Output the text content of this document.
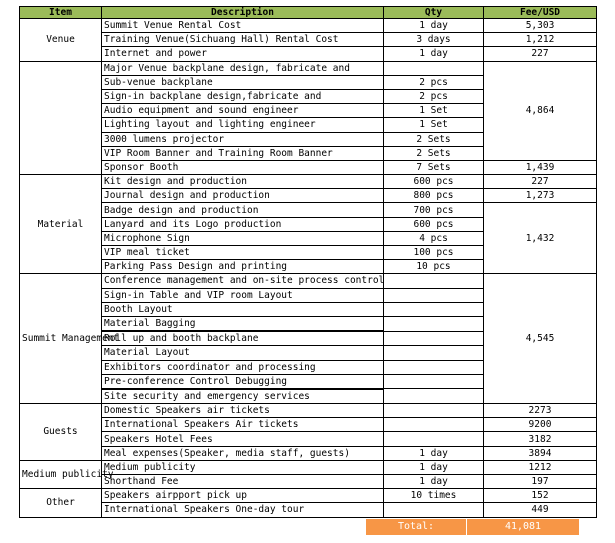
Item	Description	Qty	Fee/USD
Venue	Summit Venue Rental Cost	1 day	5,303
	Training Venue(Sichuang Hall) Rental Cost	3 days	1,212
	Internet and power	1 day	227
	Major Venue backplane design, fabricate and		4,864
	Sub-venue backplane	2 pcs	
	Sign-in backplane design,fabricate and	2 pcs	
	Audio equipment and sound engineer	1 Set	
	Lighting layout and lighting engineer	1 Set	
	3000 lumens projector	2 Sets	
	VIP Room Banner and Training Room Banner	2 Sets	
	Sponsor Booth	7 Sets	1,439
Material	Kit design and production	600 pcs	227
	Journal design and production	800 pcs	1,273
	Badge design and production	700 pcs	1,432
	Lanyard and its Logo production	600 pcs	
	Microphone Sign	4 pcs	
	VIP meal ticket	100 pcs	
	Parking Pass Design and printing	10 pcs	
Summit Management	Conference management and on-site process control		4,545
	Sign-in Table and VIP room Layout		
	Booth Layout		
	Material Bagging		
	Roll up and booth backplane		
	Material Layout		
	Exhibitors coordinator and processing		
	Pre-conference Control Debugging		
	Site security and emergency services		
Guests	Domestic Speakers air tickets		2273
	International Speakers Air tickets		9200
	Speakers Hotel Fees		3182
	Meal expenses(Speaker, media staff, guests)	1 day	3894
Medium publicity	Medium publicity	1 day	1212
	Shorthand Fee	1 day	197
Other	Speakers airpport pick up	10 times	152
	International Speakers One-day tour		449
Total:	41,081
